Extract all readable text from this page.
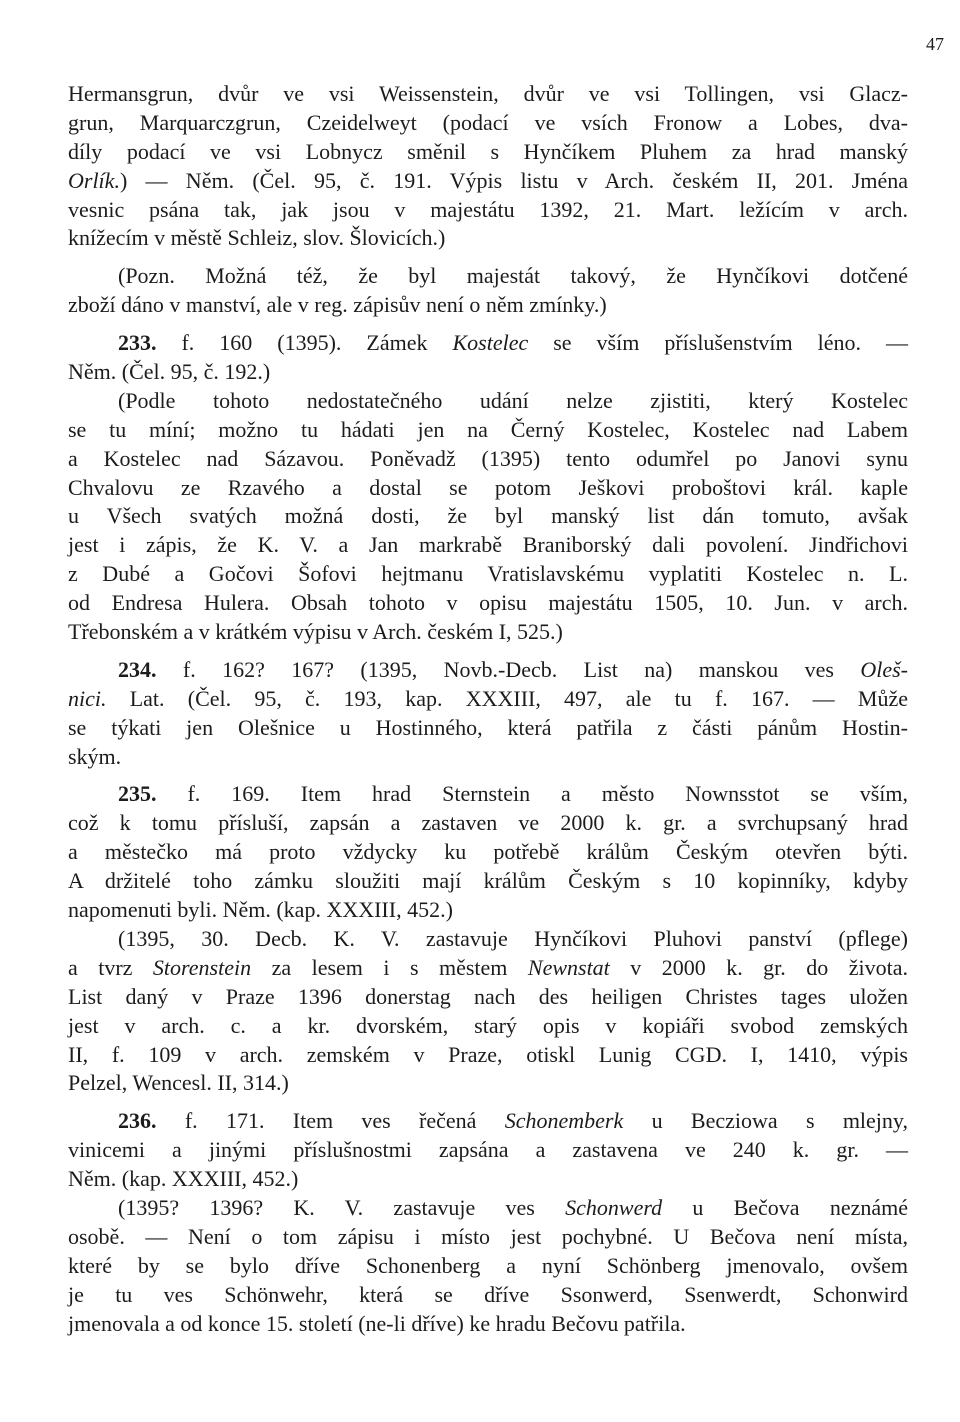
47
Hermansgrun, dvůr ve vsi Weissenstein, dvůr ve vsi Tollingen, vsi Glacz-
grun, Marquarczgrun, Czeidelweyt (podací ve vsích Fronow a Lobes, dva-
díly podací ve vsi Lobnycz směnil s Hynčíkem Pluhem za hrad manský
Orlík.) — Něm. (Čel. 95, č. 191. Výpis listu v Arch. českém II, 201. Jména
vesnic psána tak, jak jsou v majestátu 1392, 21. Mart. ležícím v arch.
knížecím v městě Schleiz, slov. Šlovicích.)
(Pozn. Možná též, že byl majestát takový, že Hynčíkovi dotčené
zboží dáno v manství, ale v reg. zápisův není o něm zmínky.)
233. f. 160 (1395). Zámek Kostelec se vším příslušenstvím léno. —
Něm. (Čel. 95, č. 192.)
(Podle tohoto nedostatečného udání nelze zjistiti, který Kostelec
se tu míní; možno tu hádati jen na Černý Kostelec, Kostelec nad Labem
a Kostelec nad Sázavou. Poněvadž (1395) tento odumřel po Janovi synu
Chvalovu ze Rzavého a dostal se potom Ješkovi proboštovi král. kaple
u Všech svatých možná dosti, že byl manský list dán tomuto, avšak
jest i zápis, že K. V. a Jan markrabě Braniborský dali povolení. Jindřichovi
z Dubé a Gočovi Šofovi hejtmanu Vratislavskému vyplatiti Kostelec n. L.
od Endresa Hulera. Obsah tohoto v opisu majestátu 1505, 10. Jun. v arch.
Třebonském a v krátkém výpisu v Arch. českém I, 525.)
234. f. 162? 167? (1395, Novb.-Decb. List na) manskou ves Oleš-
nici. Lat. (Čel. 95, č. 193, kap. XXXIII, 497, ale tu f. 167. — Může
se týkati jen Olešnice u Hostinného, která patřila z části pánům Hostin-
ským.
235. f. 169. Item hrad Sternstein a město Nownsstot se vším,
což k tomu přísluší, zapsán a zastaven ve 2000 k. gr. a svrchupsaný hrad
a městečko má proto vždycky ku potřebě králům Českým otevřen býti.
A držitelé toho zámku sloužiti mají králům Českým s 10 kopinníky, kdyby
napomenuti byli. Něm. (kap. XXXIII, 452.)
(1395, 30. Decb. K. V. zastavuje Hynčíkovi Pluhovi panství (pflege)
a tvrz Storenstein za lesem i s městem Newnstat v 2000 k. gr. do života.
List daný v Praze 1396 donerstag nach des heiligen Christes tages uložen
jest v arch. c. a kr. dvorském, starý opis v kopiáři svobod zemských
II, f. 109 v arch. zemském v Praze, otiskl Lunig CGD. I, 1410, výpis
Pelzel, Wencesl. II, 314.)
236. f. 171. Item ves řečená Schonemberk u Becziowa s mlejny,
vinicemi a jinými příslušnostmi zapsána a zastavena ve 240 k. gr. —
Něm. (kap. XXXIII, 452.)
(1395? 1396? K. V. zastavuje ves Schonwerd u Bečova neznámé
osobě. — Není o tom zápisu i místo jest pochybné. U Bečova není místa,
které by se bylo dříve Schonenberg a nyní Schönberg jmenovalo, ovšem
je tu ves Schönwehr, která se dříve Ssonwerd, Ssenwerdt, Schonwird
jmenovala a od konce 15. století (ne-li dříve) ke hradu Bečovu patřila.
